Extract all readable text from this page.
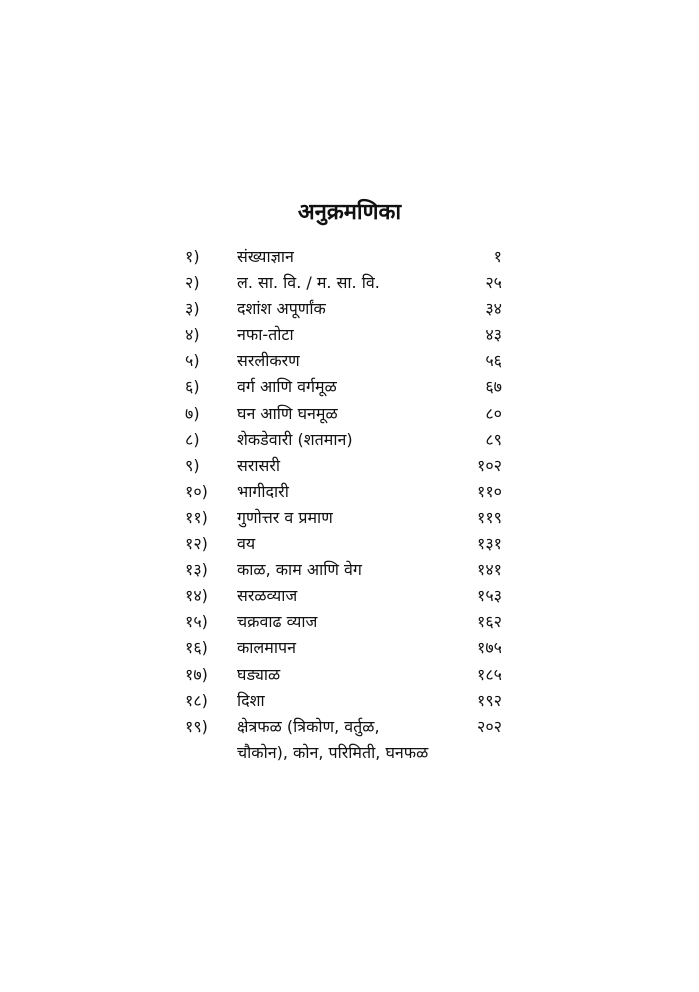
अनुक्रमणिका
१) संख्याज्ञान	१
२) ल. सा. वि. / म. सा. वि.	२५
३) दशांश अपूर्णांक	३४
४) नफा-तोटा	४३
५) सरलीकरण	५६
६) वर्ग आणि वर्गमूळ	६७
७) घन आणि घनमूळ	८०
८) शेकडेवारी (शतमान)	८९
९) सरासरी	१०२
१०) भागीदारी	११०
११) गुणोत्तर व प्रमाण	११९
१२) वय	१३१
१३) काळ, काम आणि वेग	१४१
१४) सरळव्याज	१५३
१५) चक्रवाढ व्याज	१६२
१६) कालमापन	१७५
१७) घड्याळ	१८५
१८) दिशा	१९२
१९) क्षेत्रफळ (त्रिकोण, वर्तुळ,	२०२
चौकोन), कोन, परिमिती, घनफळ
